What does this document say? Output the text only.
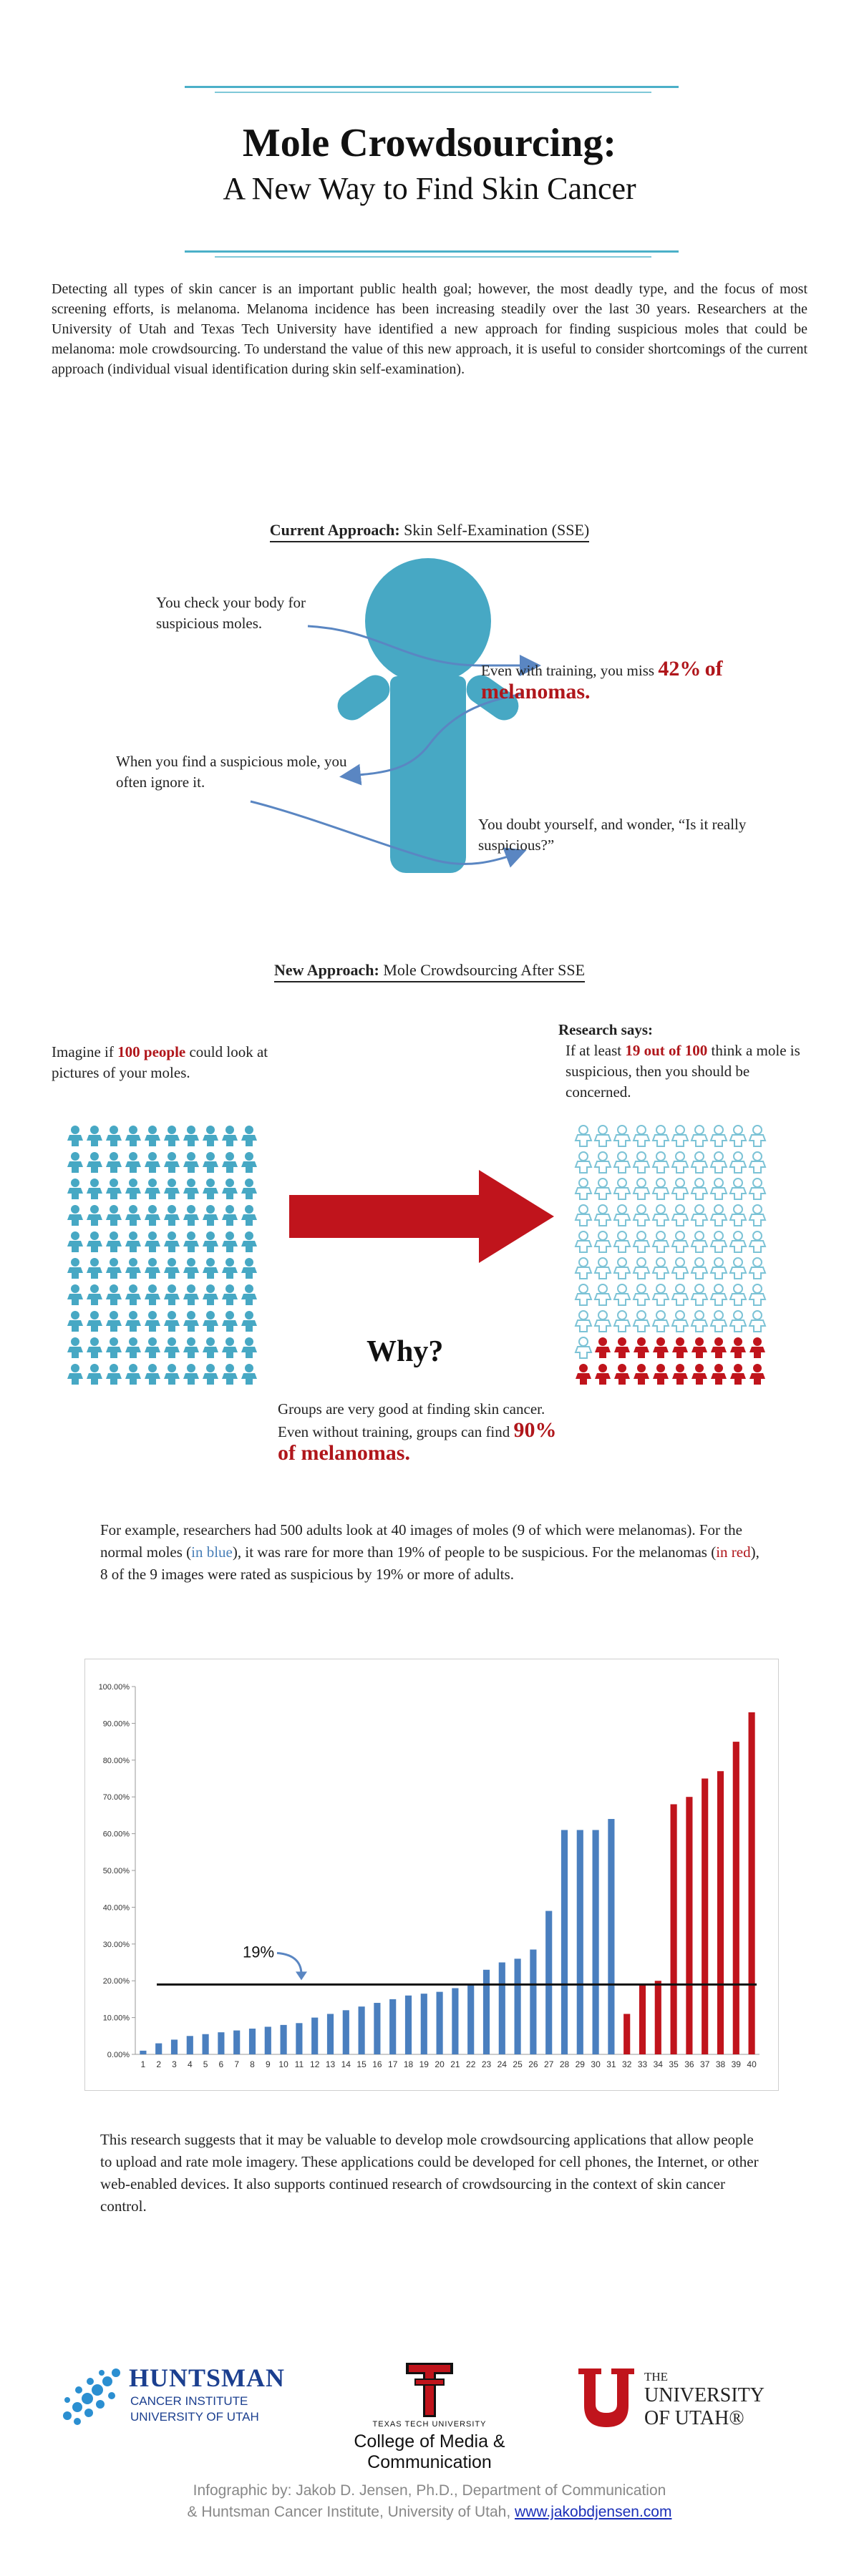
Mole Crowdsourcing:
A New Way to Find Skin Cancer
Detecting all types of skin cancer is an important public health goal; however, the most deadly type, and the focus of most screening efforts, is melanoma. Melanoma incidence has been increasing steadily over the last 30 years. Researchers at the University of Utah and Texas Tech University have identified a new approach for finding suspicious moles that could be melanoma: mole crowdsourcing. To understand the value of this new approach, it is useful to consider shortcomings of the current approach (individual visual identification during skin self-examination).
Current Approach: Skin Self-Examination (SSE)
You check your body for suspicious moles.
Even with training, you miss 42% of melanomas.
When you find a suspicious mole, you often ignore it.
You doubt yourself, and wonder, “Is it really suspicious?”
New Approach: Mole Crowdsourcing After SSE
Imagine if 100 people could look at pictures of your moles.
Research says:
If at least 19 out of 100 think a mole is suspicious, then you should be concerned.
Why?
Groups are very good at finding skin cancer. Even without training, groups can find 90% of melanomas.
For example, researchers had 500 adults look at 40 images of moles (9 of which were melanomas). For the normal moles (in blue), it was rare for more than 19% of people to be suspicious. For the melanomas (in red), 8 of the 9 images were rated as suspicious by 19% or more of adults.
0.00%
10.00%
20.00%
30.00%
40.00%
50.00%
60.00%
70.00%
80.00%
90.00%
100.00%
1 2 3 4 5 6 7 8 9 10 11 12 13 14 15 16 17 18 19 20 21 22 23 24 25 26 27 28 29 30 31 32 33 34 35 36 37 38 39 40
19%
This research suggests that it may be valuable to develop mole crowdsourcing applications that allow people to upload and rate mole imagery. These applications could be developed for cell phones, the Internet, or other web-enabled devices. It also supports continued research of crowdsourcing in the context of skin cancer control.
HUNTSMAN
CANCER INSTITUTE
UNIVERSITY OF UTAH
TEXAS TECH UNIVERSITY
College of Media & Communication
THE
UNIVERSITY
OF UTAH®
Infographic by: Jakob D. Jensen, Ph.D., Department of Communication
& Huntsman Cancer Institute, University of Utah, www.jakobdjensen.com
